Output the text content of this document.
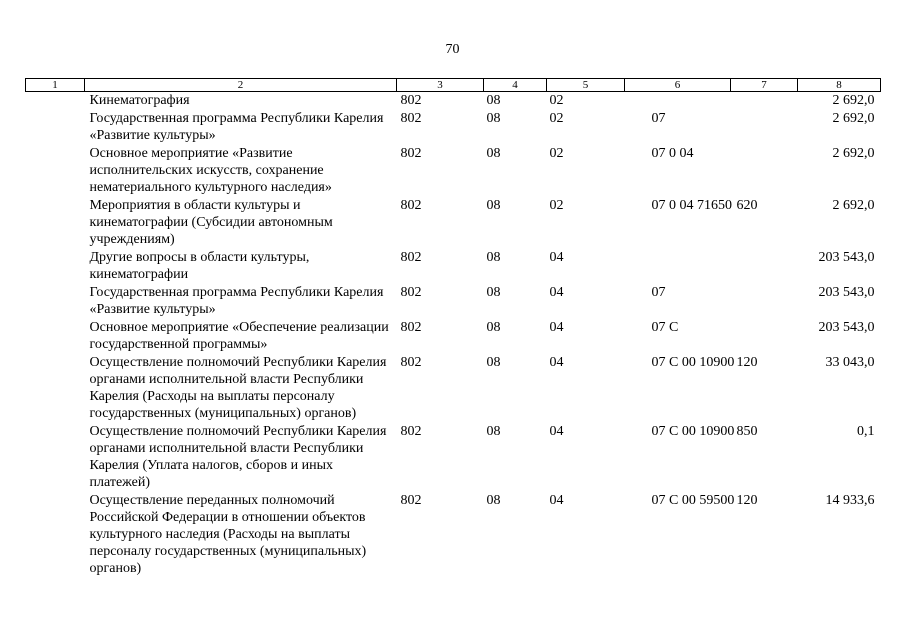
70
1	2	3	4	5	6	7	8
	Кинематография	802	08	02			2 692,0
	Государственная программа Республики Карелия «Развитие культуры»	802	08	02	07		2 692,0
	Основное мероприятие «Развитие исполнительских искусств, сохранение нематериального культурного наследия»	802	08	02	07 0 04		2 692,0
	Мероприятия в области культуры и кинематографии (Субсидии автономным учреждениям)	802	08	02	07 0 04 71650	620	2 692,0
	Другие вопросы в области культуры, кинематографии	802	08	04			203 543,0
	Государственная программа Республики Карелия «Развитие культуры»	802	08	04	07		203 543,0
	Основное мероприятие «Обеспечение реализации государственной программы»	802	08	04	07 С		203 543,0
	Осуществление полномочий Республики Карелия органами исполнительной власти Республики Карелия (Расходы на выплаты персоналу государственных (муниципальных) органов)	802	08	04	07 С 00 10900	120	33 043,0
	Осуществление полномочий Республики Карелия органами исполнительной власти Республики Карелия (Уплата налогов, сборов и иных платежей)	802	08	04	07 С 00 10900	850	0,1
	Осуществление переданных полномочий Российской Федерации в отношении объектов культурного наследия (Расходы на выплаты персоналу государственных (муниципальных) органов)	802	08	04	07 С 00 59500	120	14 933,6
